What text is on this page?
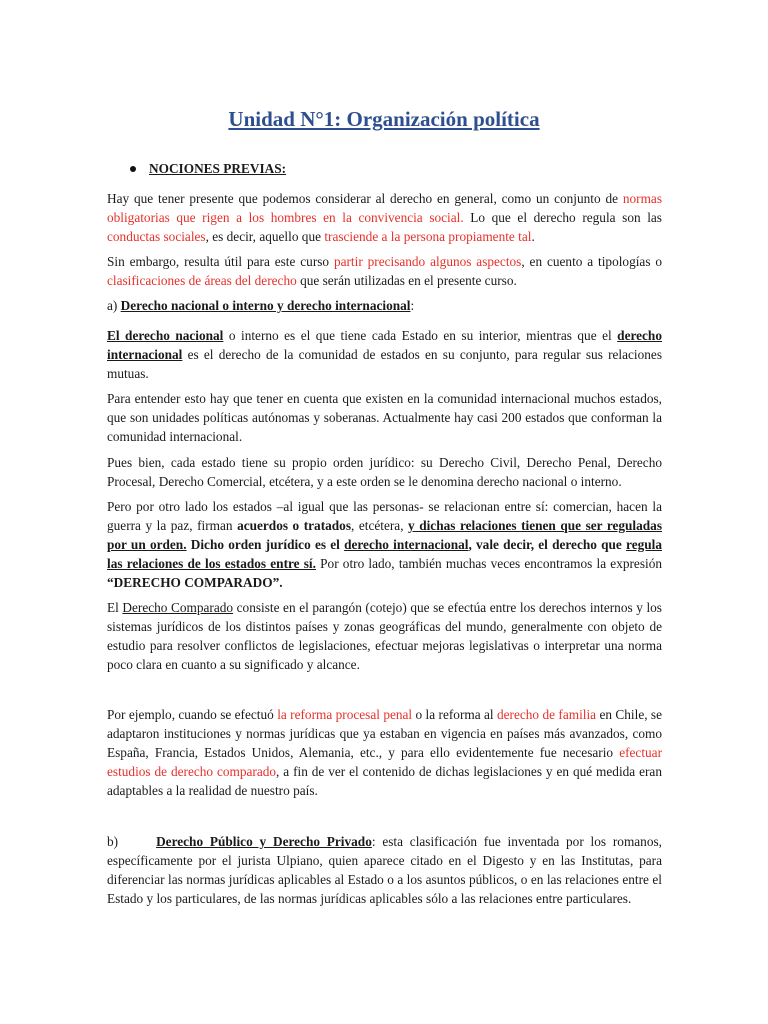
Unidad N°1: Organización política
NOCIONES PREVIAS:

Hay que tener presente que podemos considerar al derecho en general, como un conjunto de normas obligatorias que rigen a los hombres en la convivencia social. Lo que el derecho regula son las conductas sociales, es decir, aquello que trasciende a la persona propiamente tal.

Sin embargo, resulta útil para este curso partir precisando algunos aspectos, en cuento a tipologías o clasificaciones de áreas del derecho que serán utilizadas en el presente curso.

a) Derecho nacional o interno y derecho internacional:

El derecho nacional o interno es el que tiene cada Estado en su interior, mientras que el derecho internacional es el derecho de la comunidad de estados en su conjunto, para regular sus relaciones mutuas.

Para entender esto hay que tener en cuenta que existen en la comunidad internacional muchos estados, que son unidades políticas autónomas y soberanas. Actualmente hay casi 200 estados que conforman la comunidad internacional.

Pues bien, cada estado tiene su propio orden jurídico: su Derecho Civil, Derecho Penal, Derecho Procesal, Derecho Comercial, etcétera, y a este orden se le denomina derecho nacional o interno.

Pero por otro lado los estados –al igual que las personas- se relacionan entre sí: comercian, hacen la guerra y la paz, firman acuerdos o tratados, etcétera, y dichas relaciones tienen que ser reguladas por un orden. Dicho orden jurídico es el derecho internacional, vale decir, el derecho que regula las relaciones de los estados entre sí. Por otro lado, también muchas veces encontramos la expresión “DERECHO COMPARADO”.

El Derecho Comparado consiste en el parangón (cotejo) que se efectúa entre los derechos internos y los sistemas jurídicos de los distintos países y zonas geográficas del mundo, generalmente con objeto de estudio para resolver conflictos de legislaciones, efectuar mejoras legislativas o interpretar una norma poco clara en cuanto a su significado y alcance.

Por ejemplo, cuando se efectuó la reforma procesal penal o la reforma al derecho de familia en Chile, se adaptaron instituciones y normas jurídicas que ya estaban en vigencia en países más avanzados, como España, Francia, Estados Unidos, Alemania, etc., y para ello evidentemente fue necesario efectuar estudios de derecho comparado, a fin de ver el contenido de dichas legislaciones y en qué medida eran adaptables a la realidad de nuestro país.

b)	Derecho Público y Derecho Privado: esta clasificación fue inventada por los romanos, específicamente por el jurista Ulpiano, quien aparece citado en el Digesto y en las Institutas, para diferenciar las normas jurídicas aplicables al Estado o a los asuntos públicos, o en las relaciones entre el Estado y los particulares, de las normas jurídicas aplicables sólo a las relaciones entre particulares.
